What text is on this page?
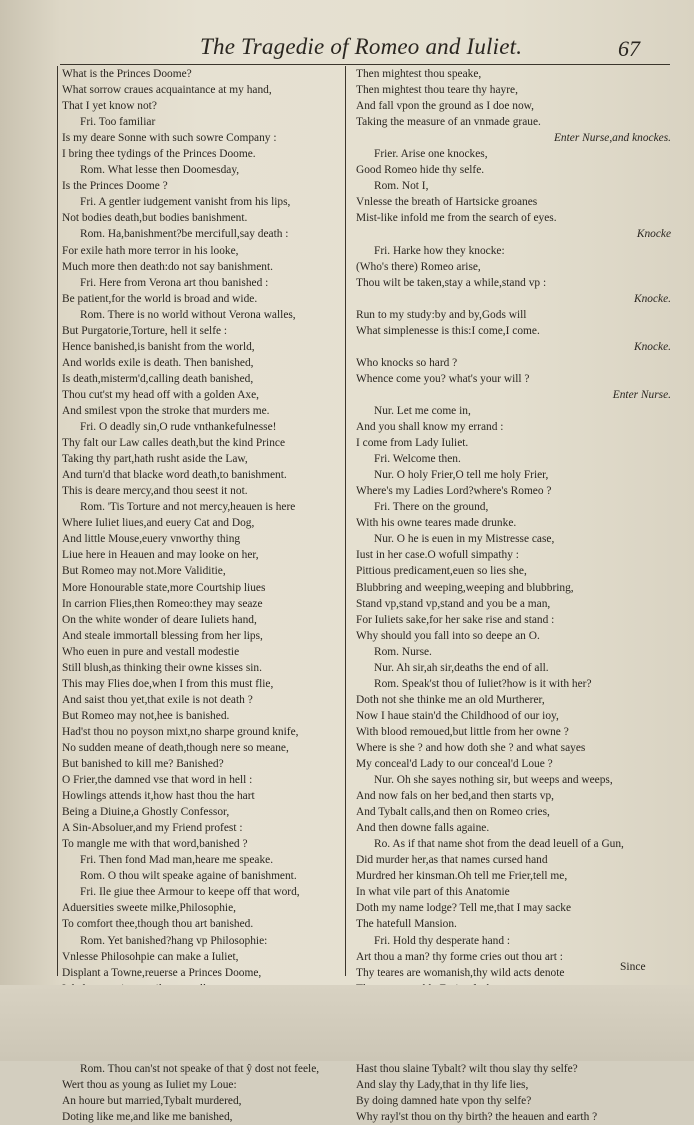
The Tragedie of Romeo and Iuliet.	67
What is the Princes Doome?
What sorrow craues acquaintance at my hand,
That I yet know not?
Fri. Too familiar
Is my deare Sonne with such sowre Company :
I bring thee tydings of the Princes Doome.
Rom. What lesse then Doomesday,
Is the Princes Doome ?
Fri. A gentler iudgement vanisht from his lips,
Not bodies death,but bodies banishment.
Rom. Ha,banishment?be mercifull,say death :
For exile hath more terror in his looke,
Much more then death:do not say banishment.
Fri. Here from Verona art thou banished :
Be patient,for the world is broad and wide.
Rom. There is no world without Verona walles,
But Purgatorie,Torture, hell it selfe :
Hence banished,is banisht from the world,
And worlds exile is death. Then banished,
Is death,misterm'd,calling death banished,
Thou cut'st my head off with a golden Axe,
And smilest vpon the stroke that murders me.
Fri. O deadly sin,O rude vnthankefulnesse!
Thy falt our Law calles death,but the kind Prince
Taking thy part,hath rusht aside the Law,
And turn'd that blacke word death,to banishment.
This is deare mercy,and thou seest it not.
Rom. 'Tis Torture and not mercy,heauen is here
Where Iuliet liues,and euery Cat and Dog,
And little Mouse,euery vnworthy thing
Liue here in Heauen and may looke on her,
But Romeo may not.More Validitie,
More Honourable state,more Courtship liues
In carrion Flies,then Romeo:they may seaze
On the white wonder of deare Iuliets hand,
And steale immortall blessing from her lips,
Who euen in pure and vestall modestie
Still blush,as thinking their owne kisses sin.
This may Flies doe,when I from this must flie,
And saist thou yet,that exile is not death ?
But Romeo may not,hee is banished.
Had'st thou no poyson mixt,no sharpe ground knife,
No sudden meane of death,though nere so meane,
But banished to kill me? Banished?
O Frier,the damned vse that word in hell :
Howlings attends it,how hast thou the hart
Being a Diuine,a Ghostly Confessor,
A Sin-Absoluer,and my Friend profest :
To mangle me with that word,banished ?
Fri. Then fond Mad man,heare me speake.
Rom. O thou wilt speake againe of banishment.
Fri. Ile giue thee Armour to keepe off that word,
Aduersities sweete milke,Philosophie,
To comfort thee,though thou art banished.
Rom. Yet banished?hang vp Philosophie:
Vnlesse Philosohpie can make a Iuliet,
Displant a Towne,reuerse a Princes Doome,
Rom. Thou can'st not speake of that ŷ dost not feele,
Wert thou as young as Iuliet my Loue:
An houre but married,Tybalt murdered,
Doting like me,and like me banished,
Then mightest thou speake,
Then mightest thou teare thy hayre,
And fall vpon the ground as I doe now,
Taking the measure of an vnmade graue.
Enter Nurse,and knockes.
Frier. Arise one knockes,
Good Romeo hide thy selfe.
Rom. Not I,
Vnlesse the breath of Hartsicke groanes
Mist-like infold me from the search of eyes.
Knocke
Fri. Harke how they knocke:
(Who's there) Romeo arise,
Thou wilt be taken,stay a while,stand vp :
Knocke.
Run to my study:by and by,Gods will
What simplenesse is this:I come,I come.
Knocke.
Who knocks so hard ?
Whence come you? what's your will ?
Enter Nurse.
Nur. Let me come in,
And you shall know my errand :
I come from Lady Iuliet.
Fri. Welcome then.
Nur. O holy Frier,O tell me holy Frier,
Where's my Ladies Lord?where's Romeo ?
Fri. There on the ground,
With his owne teares made drunke.
Nur. O he is euen in my Mistresse case,
Iust in her case.O wofull simpathy :
Pittious predicament,euen so lies she,
Blubbring and weeping,weeping and blubbring,
Stand vp,stand vp,stand and you be a man,
For Iuliets sake,for her sake rise and stand :
Why should you fall into so deepe an O.
Rom. Nurse.
Nur. Ah sir,ah sir,deaths the end of all.
Rom. Speak'st thou of Iuliet?how is it with her?
Doth not she thinke me an old Murtherer,
Now I haue stain'd the Childhood of our ioy,
With blood remoued,but little from her owne ?
Where is she ? and how doth she ? and what sayes
My conceal'd Lady to our conceal'd Loue ?
Nur. Oh she sayes nothing sir, but weeps and weeps,
And now fals on her bed,and then starts vp,
And Tybalt calls,and then on Romeo cries,
And then downe falls againe.
Ro. As if that name shot from the dead leuell of a Gun,
Did murder her,as that names cursed hand
Murdred her kinsman.Oh tell me Frier,tell me,
In what vile part of this Anatomie
Doth my name lodge? Tell me,that I may sacke
The hatefull Mansion.
Fri. Hold thy desperate hand :
Art thou a man? thy forme cries out thou art :
Thy teares are womanish,thy wild acts denote
Hast thou slaine Tybalt? wilt thou slay thy selfe?
And slay thy Lady,that in thy life lies,
By doing damned hate vpon thy selfe?
Why rayl'st thou on thy birth? the heauen and earth ?
Since
